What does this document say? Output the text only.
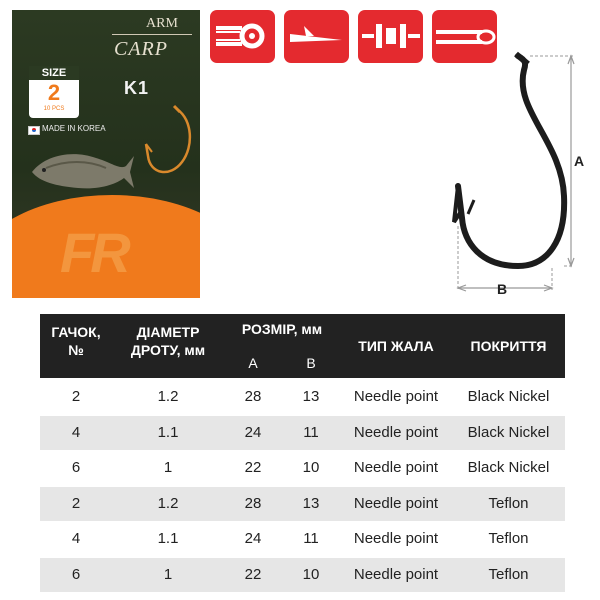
FR
ARM
CARP
K1
SIZE
2
10 PCS
MADE IN KOREA
A
B
ГАЧОК,
№
ДІАМЕТР
ДРОТУ, мм
РОЗМІР, мм
A	B
ТИП ЖАЛА	ПОКРИТТЯ
2	1.2	28	13	Needle point	Black Nickel
4	1.1	24	11	Needle point	Black Nickel
6	1	22	10	Needle point	Black Nickel
2	1.2	28	13	Needle point	Teflon
4	1.1	24	11	Needle point	Teflon
6	1	22	10	Needle point	Teflon
